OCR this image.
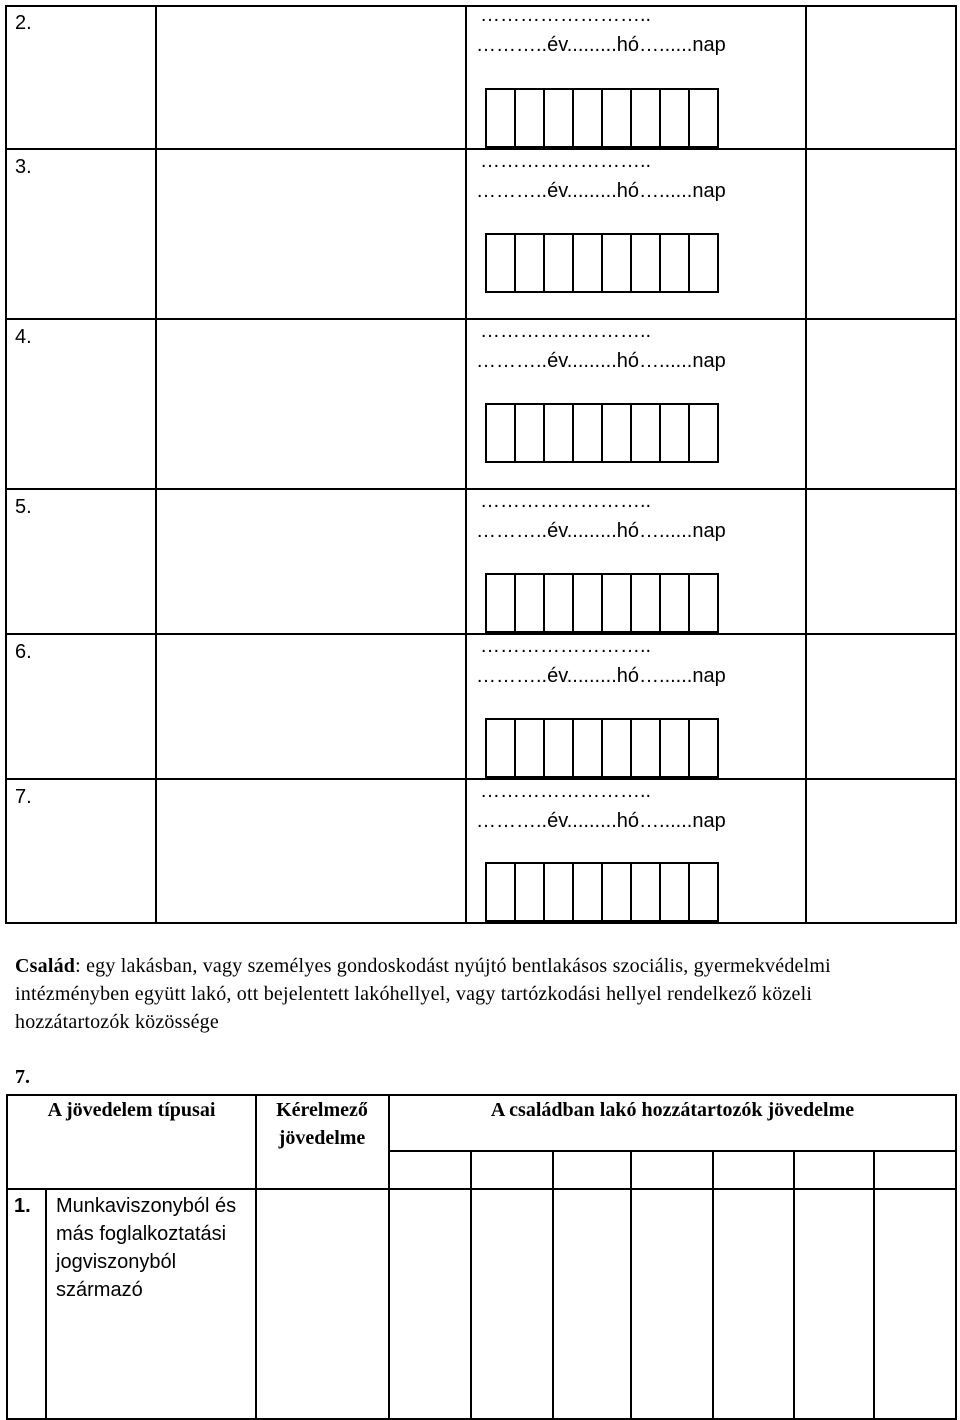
2.	……………………..
………..év.........hó…......nap
3.	……………………..
………..év.........hó…......nap
4.	……………………..
………..év.........hó…......nap
5.	……………………..
………..év.........hó…......nap
6.	……………………..
………..év.........hó…......nap
7.	……………………..
………..év.........hó…......nap
Család: egy lakásban, vagy személyes gondoskodást nyújtó bentlakásos szociális, gyermekvédelmi intézményben együtt lakó, ott bejelentett lakóhellyel, vagy tartózkodási hellyel rendelkező közeli hozzátartozók közössége
7.
A jövedelem típusai	Kérelmező jövedelme
A családban lakó hozzátartozók jövedelme
1. Munkaviszonyból és más foglalkoztatási jogviszonyból származó
